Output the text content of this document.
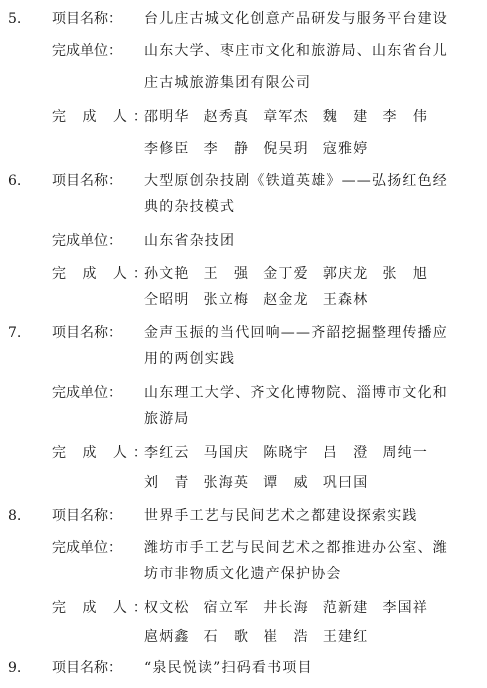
5. 项目名称：	台儿庄古城文化创意产品研发与服务平台建设
完成单位：	山东大学、枣庄市文化和旅游局、山东省台儿
庄古城旅游集团有限公司
完 成 人：
邵明华 赵秀真 章军杰 魏　建 李　伟
李修臣 李　静 倪吴玥 寇雅婷
6. 项目名称：	大型原创杂技剧《铁道英雄》——弘扬红色经
典的杂技模式
完成单位：	山东省杂技团
完 成 人：
孙文艳 王　强 金丁爱 郭庆龙 张　旭
仝昭明 张立梅 赵金龙 王森林
7. 项目名称：	金声玉振的当代回响——齐韶挖掘整理传播应
用的两创实践
完成单位：	山东理工大学、齐文化博物院、淄博市文化和
旅游局
完 成 人：
李红云 马国庆 陈晓宇 吕　澄 周纯一
刘　青 张海英 谭　威 巩曰国
8. 项目名称：	世界手工艺与民间艺术之都建设探索实践
完成单位：	潍坊市手工艺与民间艺术之都推进办公室、潍
坊市非物质文化遗产保护协会
完 成 人：
权文松 宿立军 井长海 范新建 李国祥
扈炳鑫 石　歌 崔　浩 王建红
9. 项目名称：	“泉民悦读”扫码看书项目
